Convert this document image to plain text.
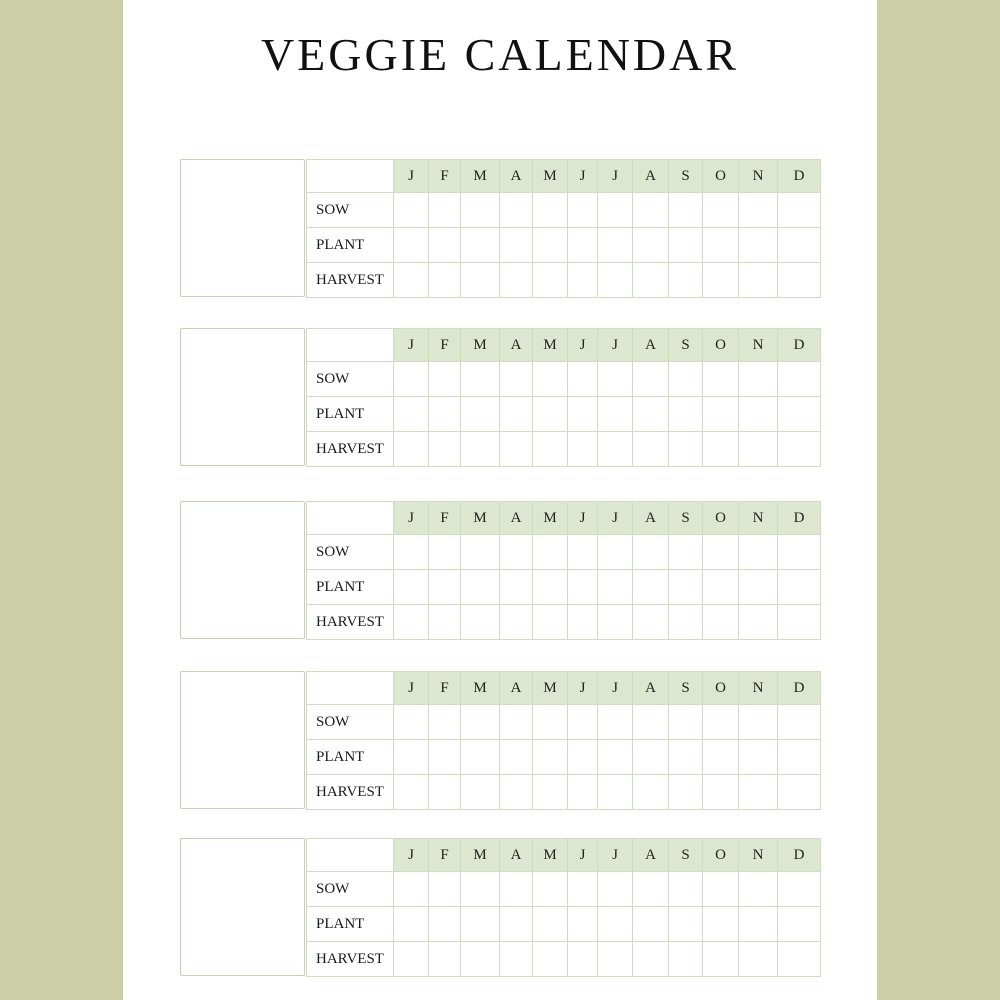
VEGGIE CALENDAR
	J	F	M	A	M	J	J	A	S	O	N	D
SOW												
PLANT												
HARVEST												
	J	F	M	A	M	J	J	A	S	O	N	D
SOW												
PLANT												
HARVEST												
	J	F	M	A	M	J	J	A	S	O	N	D
SOW												
PLANT												
HARVEST												
	J	F	M	A	M	J	J	A	S	O	N	D
SOW												
PLANT												
HARVEST												
	J	F	M	A	M	J	J	A	S	O	N	D
SOW												
PLANT												
HARVEST												
